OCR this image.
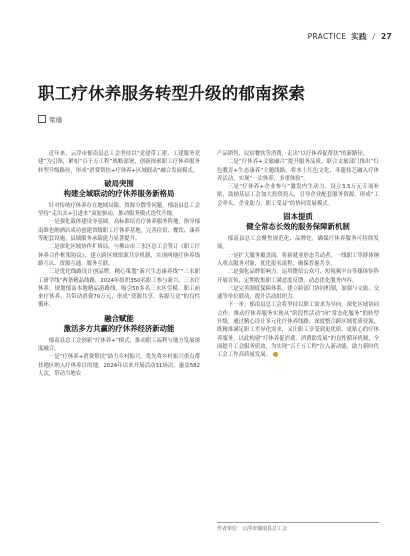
PRACTICE 实践 / 27
职工疗休养服务转型升级的郁南探索
梁瑜

近年来，云浮市郁南县总工会坚持以“党建带工建、工建服务党建”为引领，紧扣“百千万工程”战略部署，创新探索职工疗休养服务转型升级路径，形成“消费帮扶+疗休养+区域联动”融合发展模式。

破局突围
构建全域联动的疗休养服务新格局

针对传统疗休养存在地域局限、资源分散等问题，郁南县总工会坚持“走出去+引进来”双轮驱动，推动服务模式迭代升级。

一是强化载体建设夯基础。高标准培育疗休养服务阵地，指导郁南维也纳酒店成功创建省级职工疗休养基地，完善住宿、餐饮、康养等配套设施，县域服务承载能力显著提升。

二是深化区域协作扩格局。与佛山市三水区总工会签订《职工疗休养合作框架协议》，建立跨区域资源共享机制，实现两地疗休养线路互认、资源互通、服务互联。

三是优化线路设计创品牌。精心策划“新兴生态康养线”“三水职工研学线”两条精品线路，2024年组织350名职工参与新兴、三水疗休养，规划郁南本地精品游路线，吸引50多名三水区劳模、职工前来疗休养，共带动消费70万元，形成“资源共享、客源互送”的良性循环。

融合赋能
激活多方共赢的疗休养经济新动能

郁南县总工会创新“疗休养+”模式，推动职工福利与地方发展深度融合。

一是“疗休养+消费帮扶”助力乡村振兴。优先将乡村振兴重点帮扶地区纳入疗休养目的地，2024年以来开展活动31场次，惠及582人次，带动当地农

产品销售、民宿餐饮等消费，走出“以疗休养促帮扶”的新路径。

二是“疗休养+文旅融合”提升服务品质。联合文旅部门推出“红色教育+生态康养”主题线路，将本土红色文化、非遗技艺融入疗休养活动，实现“一次休养，多重体验”。

三是“疗休养+企业参与”激发内生动力。设立3.5万元专项补贴，鼓励基层工会加大投资投入，引导企业配套服务资源，形成“工会牵头、企业助力、职工受益”的协同发展模式。

固本提质
健全常态长效的服务保障新机制

郁南县总工会聚焦规范化、品牌化，确保疗休养服务可持续发展。

一是扩大服务覆盖面。将新就业形态劳动者、一线职工等群体纳入重点服务对象，优化报名流程，确保普惠共享。

二是强化品牌影响力。运用微信公众号、短视频平台等媒体矩阵开展宣传，定期收集职工满意度反馈，动态优化服务内容。

三是完善制度保障体系。建立跨部门协同机制，加强与文旅、交通等单位联动，提升活动组织力。

下一步，郁南县总工会将坚持以职工需求为导向，深化区域协同合作，推动疗休养服务实现从“阶段性活动”向“常态化服务”的转型升级。通过精心设计多元化疗休养线路，深度整合跨区域优质资源，既精准满足职工差异化需求，又让职工享受到更优质、更贴心的疗休养服务，以此构建“疗休养促消费、消费助发展”的良性循环机制，全面提升工会服务质效，为实现“百千万工程”注入新动能，助力新时代工会工作高质量发展。

作者单位：云浮市郁南县总工会
